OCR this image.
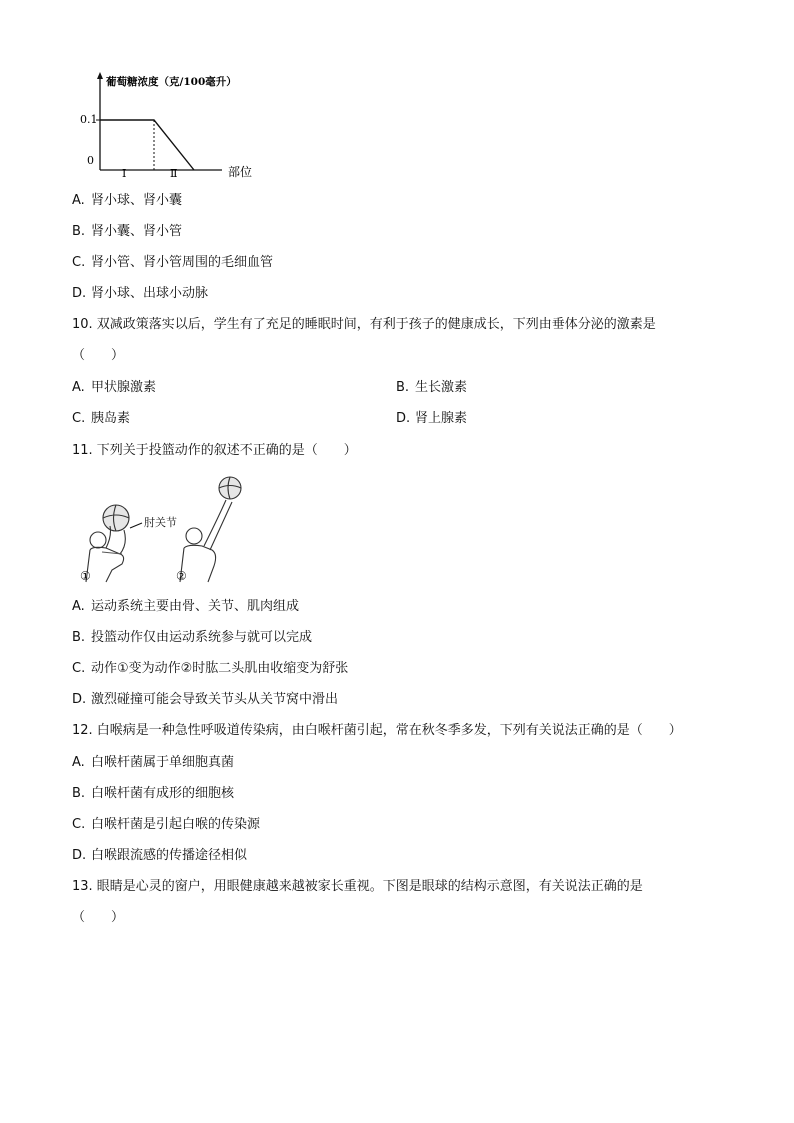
葡萄糖浓度（克/100毫升）
0.1
0
Ⅰ	Ⅱ	部位
A. 肾小球、肾小囊
B. 肾小囊、肾小管
C. 肾小管、肾小管周围的毛细血管
D. 肾小球、出球小动脉
10. 双减政策落实以后，学生有了充足的睡眠时间，有利于孩子的健康成长，下列由垂体分泌的激素是
（　　）
A. 甲状腺激素	B. 生长激素
C. 胰岛素	D. 肾上腺素
11. 下列关于投篮动作的叙述不正确的是（　　）
肘关节
①	②
A. 运动系统主要由骨、关节、肌肉组成
B. 投篮动作仅由运动系统参与就可以完成
C. 动作①变为动作②时肱二头肌由收缩变为舒张
D. 激烈碰撞可能会导致关节头从关节窝中滑出
12. 白喉病是一种急性呼吸道传染病，由白喉杆菌引起，常在秋冬季多发，下列有关说法正确的是（　　）
A. 白喉杆菌属于单细胞真菌
B. 白喉杆菌有成形的细胞核
C. 白喉杆菌是引起白喉的传染源
D. 白喉跟流感的传播途径相似
13. 眼睛是心灵的窗户，用眼健康越来越被家长重视。下图是眼球的结构示意图，有关说法正确的是
（　　）
